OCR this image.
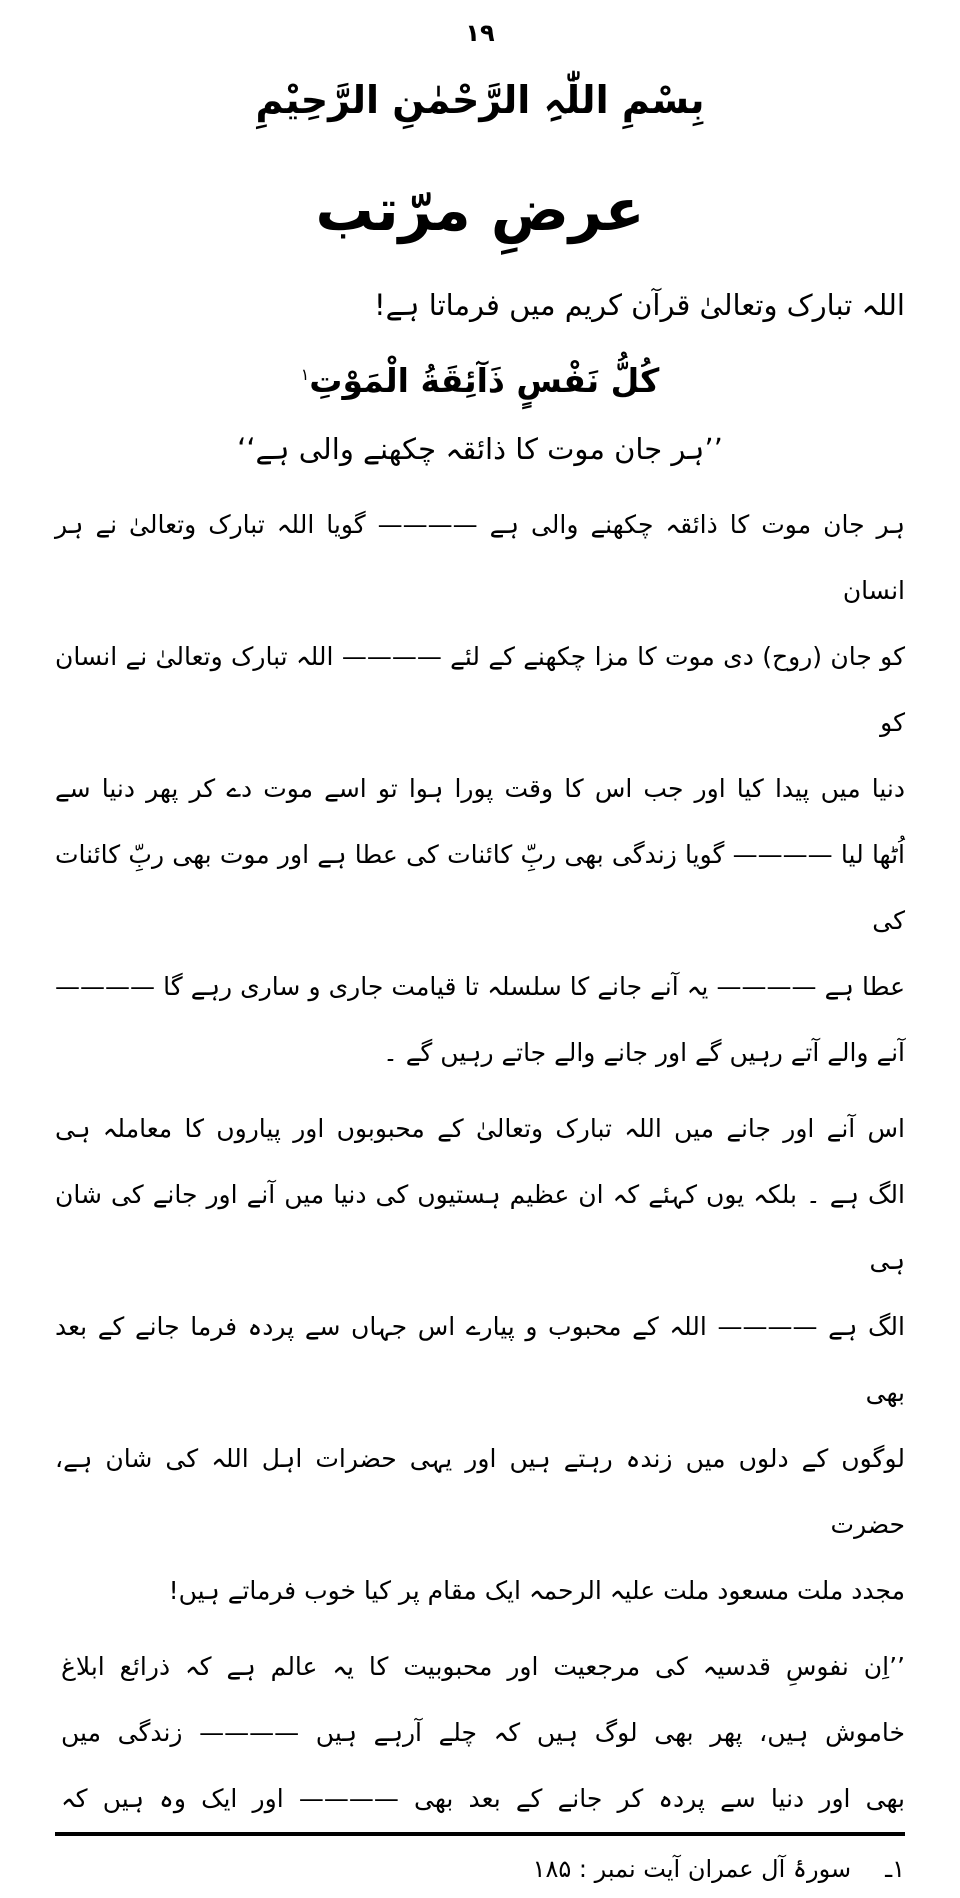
۱۹
بِسْمِ اللّٰہِ الرَّحْمٰنِ الرَّحِیْمِ
عرضِ مرّتب
اللہ تبارک وتعالیٰ قرآن کریم میں فرماتا ہے!
كُلُّ نَفْسٍ ذَآئِقَةُ الْمَوْتِ$^۱$
’’ہر جان موت کا ذائقہ چکھنے والی ہے‘‘
ہر جان موت کا ذائقہ چکھنے والی ہے ———— گویا اللہ تبارک وتعالیٰ نے ہر انسان
کو جان (روح) دی موت کا مزا چکھنے کے لئے ———— اللہ تبارک وتعالیٰ نے انسان کو
دنیا میں پیدا کیا اور جب اس کا وقت پورا ہوا تو اسے موت دے کر پھر دنیا سے
اُٹھا لیا ———— گویا زندگی بھی ربِّ کائنات کی عطا ہے اور موت بھی ربِّ کائنات کی
عطا ہے ———— یہ آنے جانے کا سلسلہ تا قیامت جاری و ساری رہے گا ————
آنے والے آتے رہیں گے اور جانے والے جاتے رہیں گے ۔
اس آنے اور جانے میں اللہ تبارک وتعالیٰ کے محبوبوں اور پیاروں کا معاملہ ہی
الگ ہے ۔ بلکہ یوں کہئے کہ ان عظیم ہستیوں کی دنیا میں آنے اور جانے کی شان ہی
الگ ہے ———— اللہ کے محبوب و پیارے اس جہاں سے پردہ فرما جانے کے بعد بھی
لوگوں کے دلوں میں زندہ رہتے ہیں اور یہی حضرات اہل اللہ کی شان ہے، حضرت
مجدد ملت مسعود ملت علیہ الرحمہ ایک مقام پر کیا خوب فرماتے ہیں!
’’اِن نفوسِ قدسیہ کی مرجعیت اور محبوبیت کا یہ عالم ہے کہ ذرائع ابلاغ
خاموش ہیں، پھر بھی لوگ ہیں کہ چلے آرہے ہیں ———— زندگی میں
بھی اور دنیا سے پردہ کر جانے کے بعد بھی ———— اور ایک وہ ہیں کہ
۱ـ
سورۂ آل عمران آیت نمبر : ۱۸۵
